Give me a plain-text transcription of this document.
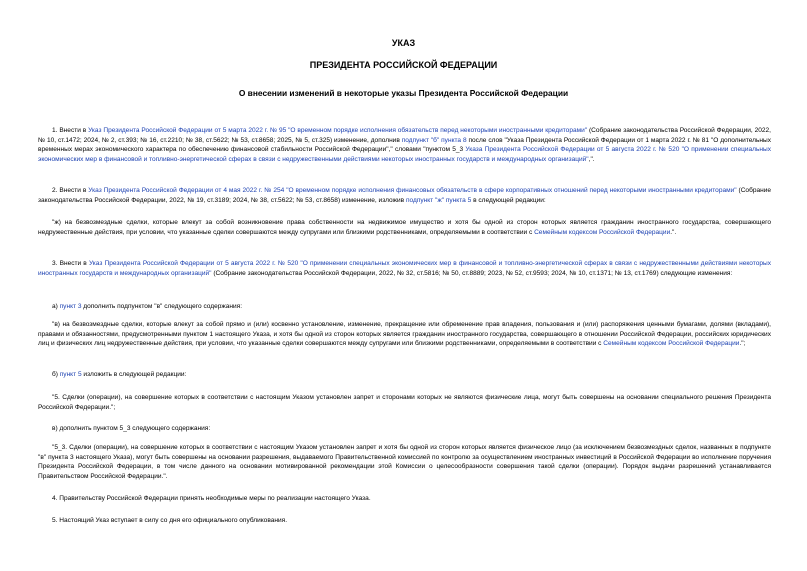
УКАЗ
ПРЕЗИДЕНТА РОССИЙСКОЙ ФЕДЕРАЦИИ
О внесении изменений в некоторые указы Президента Российской Федерации
1. Внести в Указ Президента Российской Федерации от 5 марта 2022 г. № 95 "О временном порядке исполнения обязательств перед некоторыми иностранными кредиторами" (Собрание законодательства Российской Федерации, 2022, № 10, ст.1472; 2024, № 2, ст.393; № 16, ст.2210; № 38, ст.5622; № 53, ст.8658; 2025, № 5, ст.325) изменение, дополнив подпункт "б" пункта 8 после слов "Указа Президента Российской Федерации от 1 марта 2022 г. № 81 "О дополнительных временных мерах экономического характера по обеспечению финансовой стабильности Российской Федерации"," словами "пунктом 5_3 Указа Президента Российской Федерации от 5 августа 2022 г. № 520 "О применении специальных экономических мер в финансовой и топливно-энергетической сферах в связи с недружественными действиями некоторых иностранных государств и международных организаций",".
2. Внести в Указ Президента Российской Федерации от 4 мая 2022 г. № 254 "О временном порядке исполнения финансовых обязательств в сфере корпоративных отношений перед некоторыми иностранными кредиторами" (Собрание законодательства Российской Федерации, 2022, № 19, ст.3189; 2024, № 38, ст.5622; № 53, ст.8658) изменение, изложив подпункт "ж" пункта 5 в следующей редакции:
"ж) на безвозмездные сделки, которые влекут за собой возникновение права собственности на недвижимое имущество и хотя бы одной из сторон которых является гражданин иностранного государства, совершающего недружественные действия, при условии, что указанные сделки совершаются между супругами или близкими родственниками, определяемыми в соответствии с Семейным кодексом Российской Федерации.".
3. Внести в Указ Президента Российской Федерации от 5 августа 2022 г. № 520 "О применении специальных экономических мер в финансовой и топливно-энергетической сферах в связи с недружественными действиями некоторых иностранных государств и международных организаций" (Собрание законодательства Российской Федерации, 2022, № 32, ст.5816; № 50, ст.8889; 2023, № 52, ст.9593; 2024, № 10, ст.1371; № 13, ст.1769) следующие изменения:
а) пункт 3 дополнить подпунктом "в" следующего содержания:
"в) на безвозмездные сделки, которые влекут за собой прямо и (или) косвенно установление, изменение, прекращение или обременение прав владения, пользования и (или) распоряжения ценными бумагами, долями (вкладами), правами и обязанностями, предусмотренными пунктом 1 настоящего Указа, и хотя бы одной из сторон которых является гражданин иностранного государства, совершающего в отношении Российской Федерации, российских юридических лиц и физических лиц недружественные действия, при условии, что указанные сделки совершаются между супругами или близкими родственниками, определяемыми в соответствии с Семейным кодексом Российской Федерации.";
б) пункт 5 изложить в следующей редакции:
"5. Сделки (операции), на совершение которых в соответствии с настоящим Указом установлен запрет и сторонами которых не являются физические лица, могут быть совершены на основании специального решения Президента Российской Федерации.";
в) дополнить пунктом 5_3 следующего содержания:
"5_3. Сделки (операции), на совершение которых в соответствии с настоящим Указом установлен запрет и хотя бы одной из сторон которых является физическое лицо (за исключением безвозмездных сделок, названных в подпункте "в" пункта 3 настоящего Указа), могут быть совершены на основании разрешения, выдаваемого Правительственной комиссией по контролю за осуществлением иностранных инвестиций в Российской Федерации во исполнение поручения Президента Российской Федерации, в том числе данного на основании мотивированной рекомендации этой Комиссии о целесообразности совершения такой сделки (операции). Порядок выдачи разрешений устанавливается Правительством Российской Федерации.".
4. Правительству Российской Федерации принять необходимые меры по реализации настоящего Указа.
5. Настоящий Указ вступает в силу со дня его официального опубликования.
